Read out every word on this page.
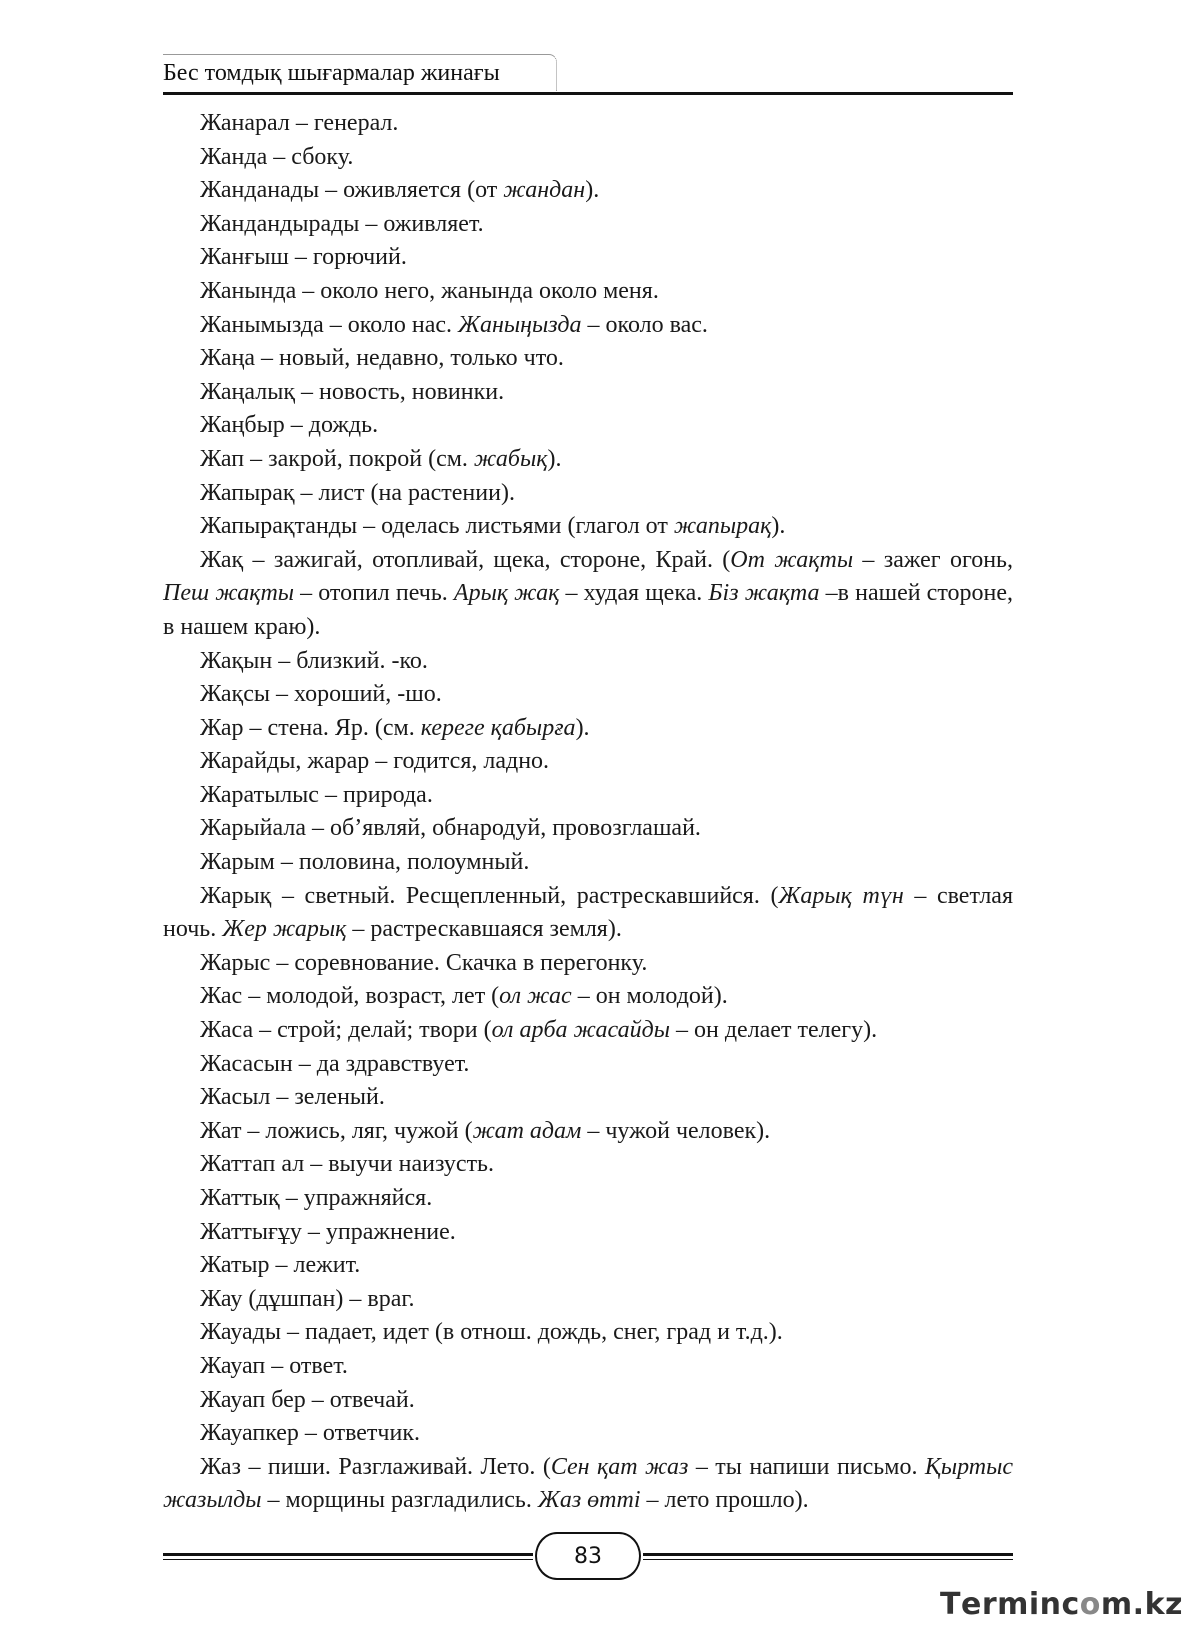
Бес томдық шығармалар жинағы

Жанарал – генерал.

Жанда – сбоку.

Жанданады – оживляется (от жандан).

Жандандырады – оживляет.

Жанғыш – горючий.

Жанында – около него, жанында около меня.

Жанымызда – около нас. Жаныңызда – около вас.

Жаңа – новый, недавно, только что.

Жаңалық – новость, новинки.

Жаңбыр – дождь.

Жап – закрой, покрой (см. жабық).

Жапырақ – лист (на растении).

Жапырақтанды – оделась листьями (глагол от жапырақ).

Жақ – зажигай, отопливай, щека, стороне, Край. (От жақты – зажег огонь, Пеш жақты – отопил печь. Арық жақ – худая щека. Біз жақта –в нашей стороне, в нашем краю).

Жақын – близкий. -ко.

Жақсы – хороший, -шо.

Жар – стена. Яр. (см. кереге қабырға).

Жарайды, жарар – годится, ладно.

Жаратылыс – природа.

Жарыйала – об’являй, обнародуй, провозглашай.

Жарым – половина, полоумный.

Жарық – светный. Ресщепленный, растрескавшийся. (Жарық түн – светлая ночь. Жер жарық – растрескавшаяся земля).

Жарыс – соревнование. Скачка в перегонку.

Жас – молодой, возраст, лет (ол жас – он молодой).

Жаса – строй; делай; твори (ол арба жасайды – он делает телегу).

Жасасын – да здравствует.

Жасыл – зеленый.

Жат – ложись, ляг, чужой (жат адам – чужой человек).

Жаттап ал – выучи наизусть.

Жаттық – упражняйся.

Жаттығұу – упражнение.

Жатыр – лежит.

Жау (дұшпан) – враг.

Жауады – падает, идет (в отнош. дождь, снег, град и т.д.).

Жауап – ответ.

Жауап бер – отвечай.

Жауапкер – ответчик.

Жаз – пиши. Разглаживай. Лето. (Сен қат жаз – ты напиши письмо. Қыртыс жазылды – морщины разгладились. Жаз өтті – лето прошло).

83
Termincom.kz
